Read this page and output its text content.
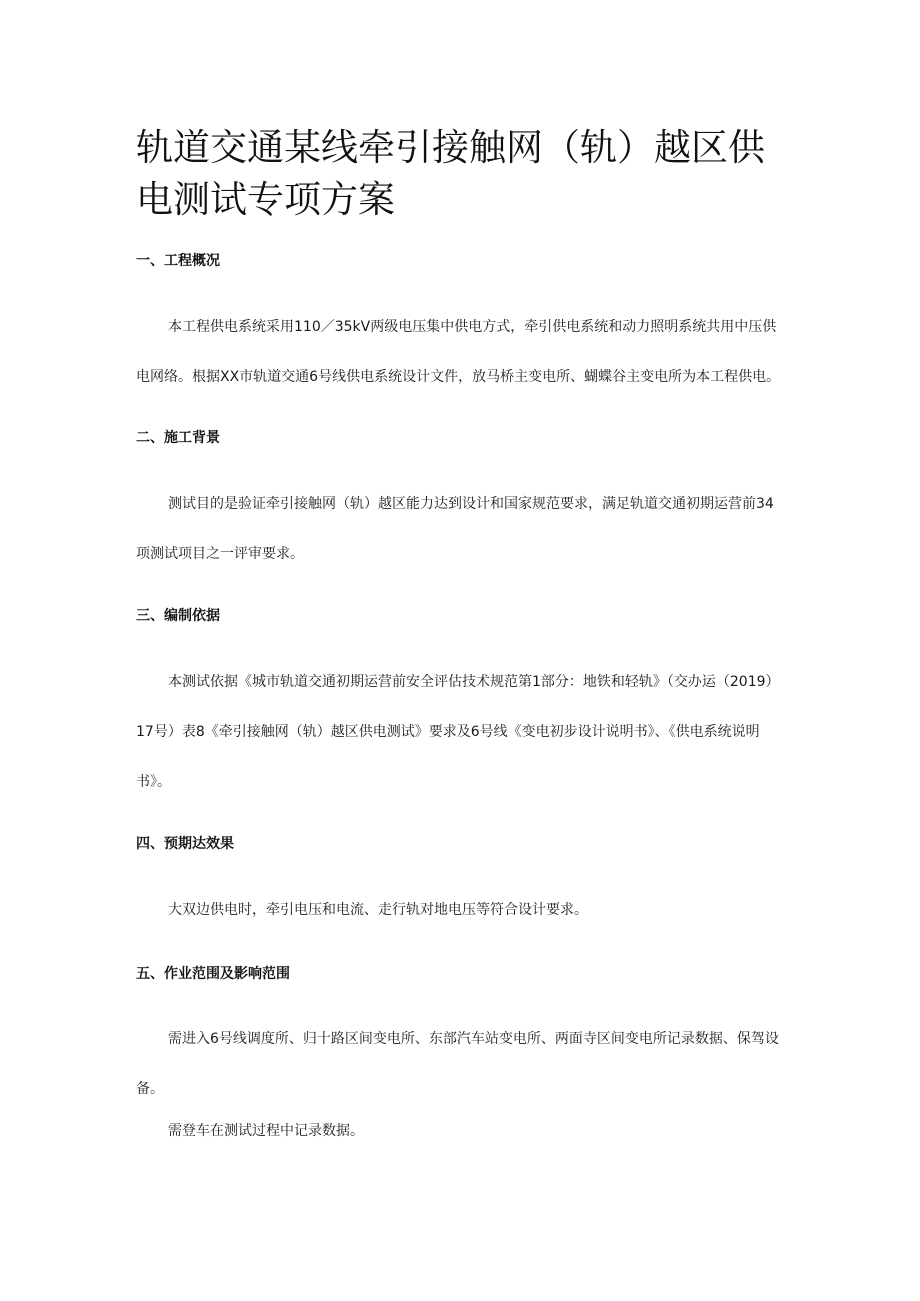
轨道交通某线牵引接触网（轨）越区供电测试专项方案
一、工程概况

本工程供电系统采用110／35kV两级电压集中供电方式，牵引供电系统和动力照明系统共用中压供电网络。根据XX市轨道交通6号线供电系统设计文件，放马桥主变电所、蝴蝶谷主变电所为本工程供电。

二、施工背景

测试目的是验证牵引接触网（轨）越区能力达到设计和国家规范要求，满足轨道交通初期运营前34项测试项目之一评审要求。

三、编制依据

本测试依据《城市轨道交通初期运营前安全评估技术规范第1部分：地铁和轻轨》（交办运（2019）17号）表8《牵引接触网（轨）越区供电测试》要求及6号线《变电初步设计说明书》、《供电系统说明书》。

四、预期达效果

大双边供电时，牵引电压和电流、走行轨对地电压等符合设计要求。

五、作业范围及影响范围

需进入6号线调度所、归十路区间变电所、东部汽车站变电所、两面寺区间变电所记录数据、保驾设备。

需登车在测试过程中记录数据。
